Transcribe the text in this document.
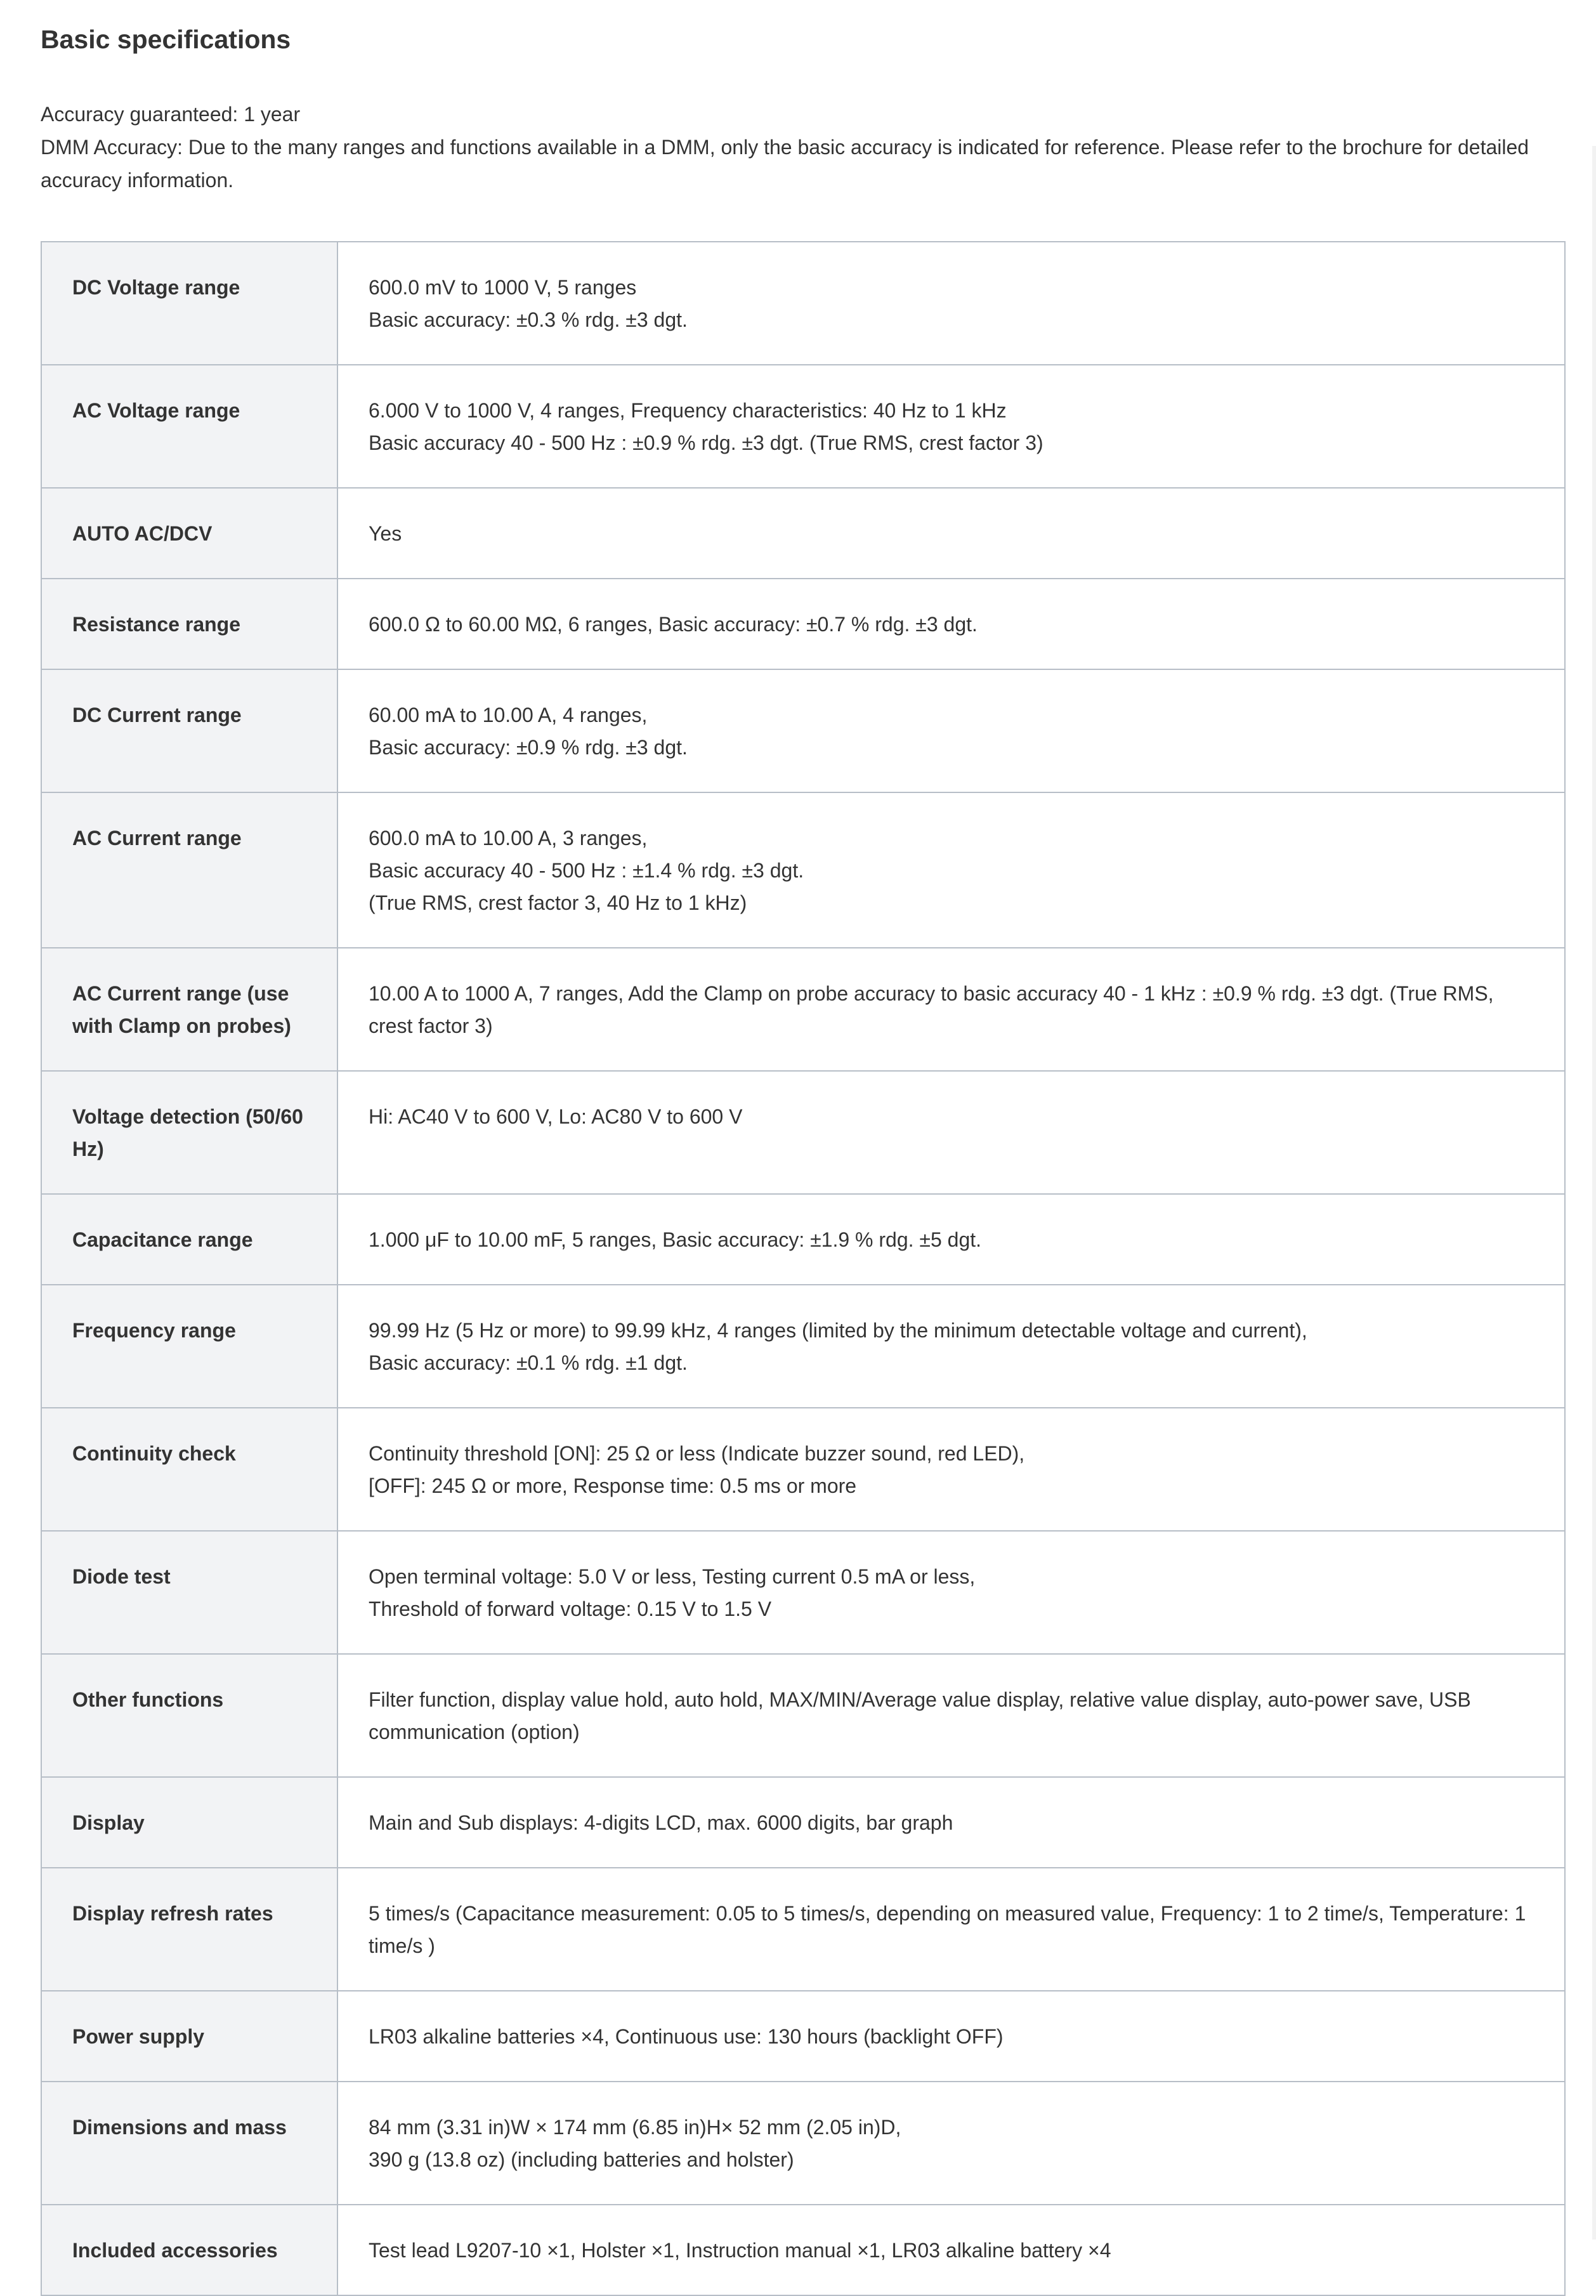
Basic specifications

Accuracy guaranteed: 1 year

DMM Accuracy: Due to the many ranges and functions available in a DMM, only the basic accuracy is indicated for reference. Please refer to the brochure for detailed accuracy information.

DC Voltage range	600.0 mV to 1000 V, 5 ranges
Basic accuracy: ±0.3 % rdg. ±3 dgt.
AC Voltage range	6.000 V to 1000 V, 4 ranges, Frequency characteristics: 40 Hz to 1 kHz
Basic accuracy 40 - 500 Hz : ±0.9 % rdg. ±3 dgt. (True RMS, crest factor 3)
AUTO AC/DCV	Yes
Resistance range	600.0 Ω to 60.00 MΩ, 6 ranges, Basic accuracy: ±0.7 % rdg. ±3 dgt.
DC Current range	60.00 mA to 10.00 A, 4 ranges,
Basic accuracy: ±0.9 % rdg. ±3 dgt.
AC Current range	600.0 mA to 10.00 A, 3 ranges,
Basic accuracy 40 - 500 Hz : ±1.4 % rdg. ±3 dgt.
(True RMS, crest factor 3, 40 Hz to 1 kHz)
AC Current range (use with Clamp on probes)	10.00 A to 1000 A, 7 ranges, Add the Clamp on probe accuracy to basic accuracy 40 - 1 kHz : ±0.9 % rdg. ±3 dgt. (True RMS, crest factor 3)
Voltage detection (50/60 Hz)	Hi: AC40 V to 600 V, Lo: AC80 V to 600 V
Capacitance range	1.000 μF to 10.00 mF, 5 ranges, Basic accuracy: ±1.9 % rdg. ±5 dgt.
Frequency range	99.99 Hz (5 Hz or more) to 99.99 kHz, 4 ranges (limited by the minimum detectable voltage and current),
Basic accuracy: ±0.1 % rdg. ±1 dgt.
Continuity check	Continuity threshold [ON]: 25 Ω or less (Indicate buzzer sound, red LED),
[OFF]: 245 Ω or more, Response time: 0.5 ms or more
Diode test	Open terminal voltage: 5.0 V or less, Testing current 0.5 mA or less,
Threshold of forward voltage: 0.15 V to 1.5 V
Other functions	Filter function, display value hold, auto hold, MAX/MIN/Average value display, relative value display, auto-power save, USB communication (option)
Display	Main and Sub displays: 4-digits LCD, max. 6000 digits, bar graph
Display refresh rates	5 times/s (Capacitance measurement: 0.05 to 5 times/s, depending on measured value, Frequency: 1 to 2 time/s, Temperature: 1 time/s )
Power supply	LR03 alkaline batteries ×4, Continuous use: 130 hours (backlight OFF)
Dimensions and mass	84 mm (3.31 in)W × 174 mm (6.85 in)H× 52 mm (2.05 in)D,
390 g (13.8 oz) (including batteries and holster)
Included accessories	Test lead L9207-10 ×1, Holster ×1, Instruction manual ×1, LR03 alkaline battery ×4
